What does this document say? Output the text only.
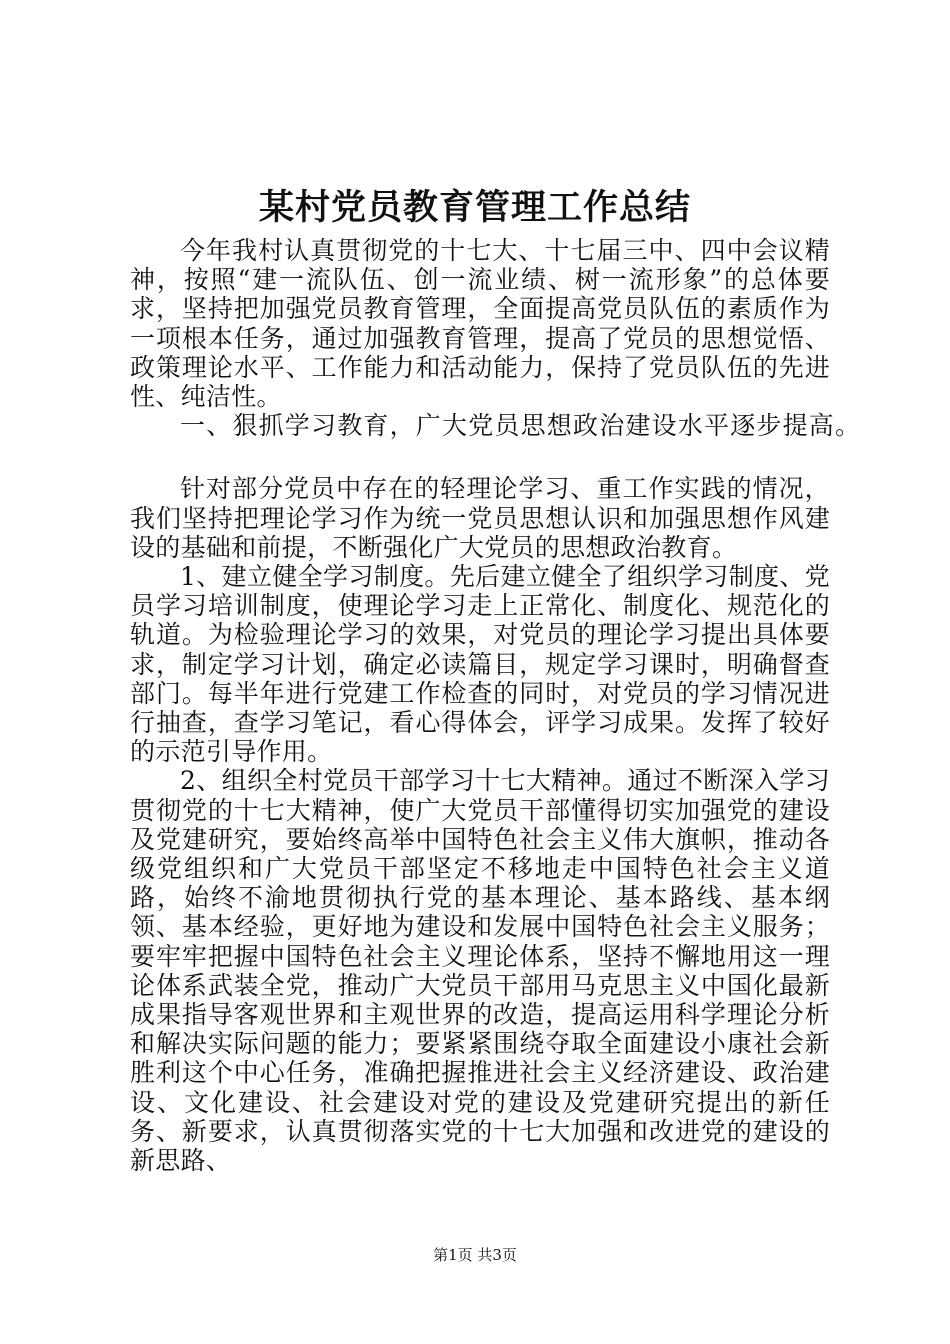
某村党员教育管理工作总结

今年我村认真贯彻党的十七大、十七届三中、四中会议精神，按照“建一流队伍、创一流业绩、树一流形象”的总体要求，坚持把加强党员教育管理，全面提高党员队伍的素质作为一项根本任务，通过加强教育管理，提高了党员的思想觉悟、政策理论水平、工作能力和活动能力，保持了党员队伍的先进性、纯洁性。

一、狠抓学习教育，广大党员思想政治建设水平逐步提高。

针对部分党员中存在的轻理论学习、重工作实践的情况，我们坚持把理论学习作为统一党员思想认识和加强思想作风建设的基础和前提，不断强化广大党员的思想政治教育。

1、建立健全学习制度。先后建立健全了组织学习制度、党员学习培训制度，使理论学习走上正常化、制度化、规范化的轨道。为检验理论学习的效果，对党员的理论学习提出具体要求，制定学习计划，确定必读篇目，规定学习课时，明确督查部门。每半年进行党建工作检查的同时，对党员的学习情况进行抽查，查学习笔记，看心得体会，评学习成果。发挥了较好的示范引导作用。

2、组织全村党员干部学习十七大精神。通过不断深入学习贯彻党的十七大精神，使广大党员干部懂得切实加强党的建设及党建研究，要始终高举中国特色社会主义伟大旗帜，推动各级党组织和广大党员干部坚定不移地走中国特色社会主义道路，始终不渝地贯彻执行党的基本理论、基本路线、基本纲领、基本经验，更好地为建设和发展中国特色社会主义服务；要牢牢把握中国特色社会主义理论体系，坚持不懈地用这一理论体系武装全党，推动广大党员干部用马克思主义中国化最新成果指导客观世界和主观世界的改造，提高运用科学理论分析和解决实际问题的能力；要紧紧围绕夺取全面建设小康社会新胜利这个中心任务，准确把握推进社会主义经济建设、政治建设、文化建设、社会建设对党的建设及党建研究提出的新任务、新要求，认真贯彻落实党的十七大加强和改进党的建设的新思路、

第1页 共3页
